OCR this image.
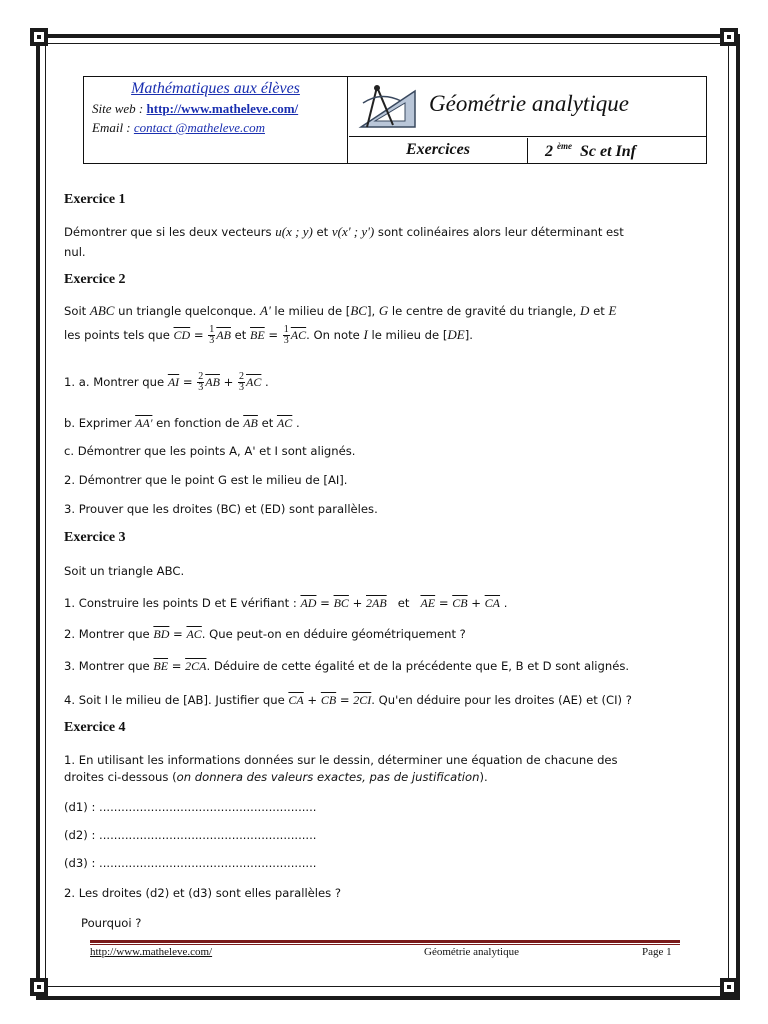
Mathématiques aux élèves
Site web : http://www.matheleve.com/
Email : contact @matheleve.com
Géométrie analytique
Exercices	2 $^{ème}$ Sc et Inf
Exercice 1
Démontrer que si les deux vecteurs u(x ; y) et v(x' ; y') sont colinéaires alors leur déterminant est
nul.
Exercice 2
Soit ABC un triangle quelconque. A' le milieu de [BC], G le centre de gravité du triangle, D et E
les points tels que $\overline{CD} = \frac{1}{3} \overline{AB}$ et $\overline{BE} = \frac{1}{3} \overline{AC}$. On note I le milieu de [DE].
1. a. Montrer que $\overline{AI} = \frac{2}{3} \overline{AB} + \frac{2}{3} \overline{AC}$ .
b. Exprimer AA' en fonction de $\overline{AB}$ et $\overline{AC}$ .
c. Démontrer que les points A, A' et I sont alignés.
2. Démontrer que le point G est le milieu de [AI].
3. Prouver que les droites (BC) et (ED) sont parallèles.
Exercice 3
Soit un triangle ABC.
1. Construire les points D et E vérifiant : $\overline{AD} = \overline{BC} + 2AB$   et   $\overline{AE} = \overline{CB} + \overline{CA}$ .
2. Montrer que $\overline{BD} = \overline{AC}$. Que peut-on en déduire géométriquement ?
3. Montrer que $\overline{BE} = 2CA$. Déduire de cette égalité et de la précédente que E, B et D sont alignés.
4. Soit I le milieu de [AB]. Justifier que $\overline{CA} + \overline{CB} = 2CI$. Qu'en déduire pour les droites (AE) et (CI) ?
Exercice 4
1. En utilisant les informations données sur le dessin, déterminer une équation de chacune des
droites ci-dessous (on donnera des valeurs exactes, pas de justification).
(d1) : ...........................................................
(d2) : ...........................................................
(d3) : ...........................................................
2. Les droites (d2) et (d3) sont elles parallèles ?
Pourquoi ?
http://www.matheleve.com/	Géométrie analytique	Page 1
